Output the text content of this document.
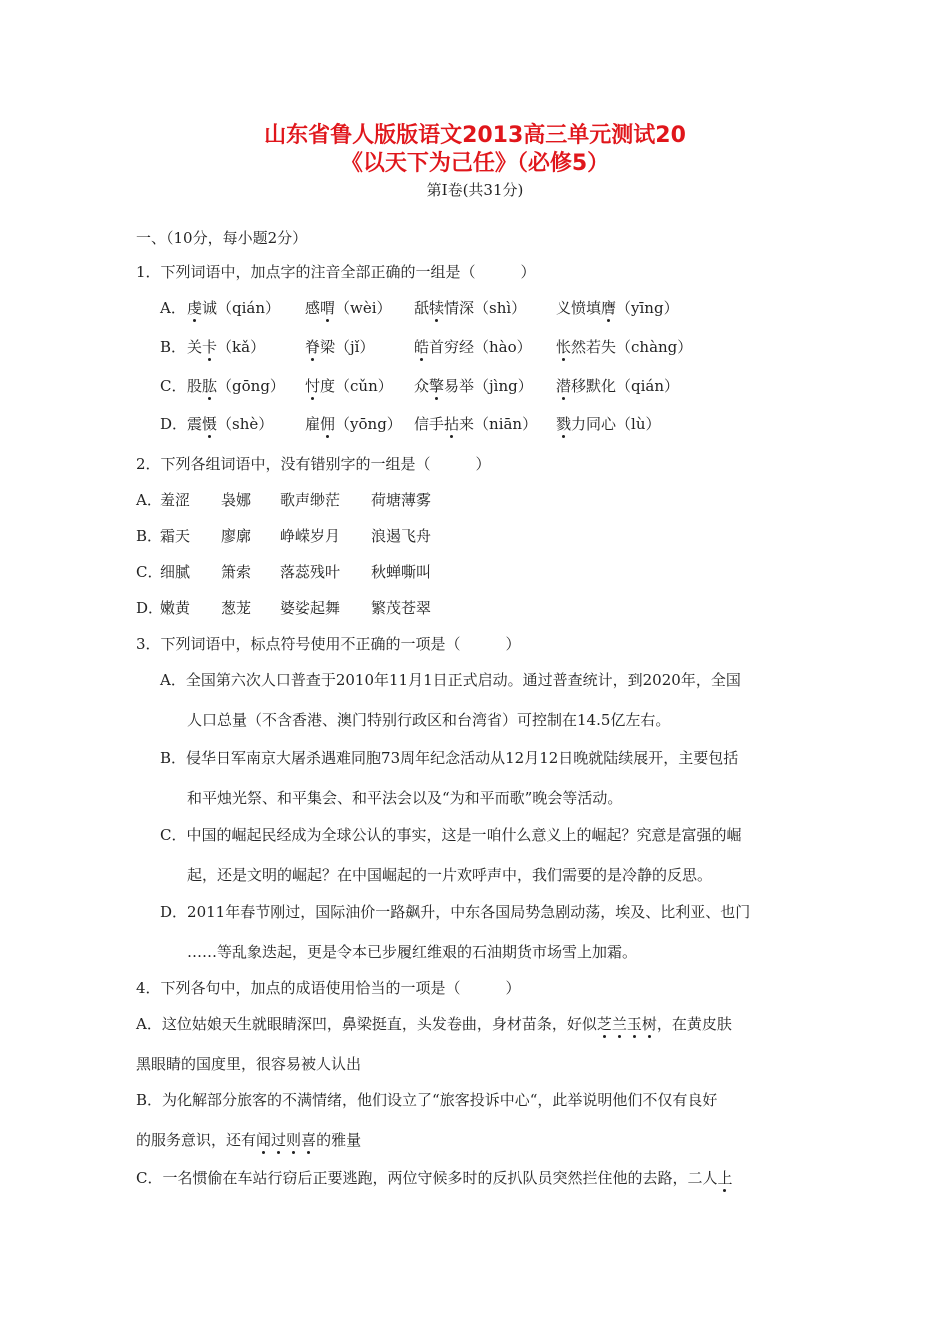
山东省鲁人版版语文2013高三单元测试20
《以天下为己任》（必修5）
第I卷(共31分)
一、（10分，每小题2分）
1．下列词语中，加点字的注音全部正确的一组是（　　　）
A． 虔诚（qián） 感喟（wèi） 舐犊情深（shì） 义愤填膺（yīng）
B． 关卡（kǎ）	脊梁（jǐ）	皓首穷经（hào） 怅然若失（chàng）
C． 股肱（gōng） 忖度（cǔn） 众擎易举（jìng） 潜移默化（qián）
D． 震慑（shè） 雇佣（yōng） 信手拈来（niān） 戮力同心（lù）
2．下列各组词语中，没有错别字的一组是（　　　）
A．
羞涩 袅娜 歌声缈茫 荷塘薄雾
B．
霜天 廖廓 峥嵘岁月 浪遏飞舟
C．
细腻 箫索 落蕊残叶 秋蝉嘶叫
D．
嫩黄 葱茏 婆娑起舞 繁茂苍翠
3．下列词语中，标点符号使用不正确的一项是（　　　）
A．全国第六次人口普查于2010年11月1日正式启动。通过普查统计，到2020年，全国
人口总量（不含香港、澳门特别行政区和台湾省）可控制在14.5亿左右。
B．侵华日军南京大屠杀遇难同胞73周年纪念活动从12月12日晚就陆续展开，主要包括
和平烛光祭、和平集会、和平法会以及“为和平而歌”晚会等活动。
C．中国的崛起民经成为全球公认的事实，这是一咱什么意义上的崛起？究意是富强的崛
起，还是文明的崛起？在中国崛起的一片欢呼声中，我们需要的是冷静的反思。
D．2011年春节刚过，国际油价一路飙升，中东各国局势急剧动荡，埃及、比利亚、也门
……等乱象迭起，更是令本已步履红维艰的石油期货市场雪上加霜。
4．下列各句中，加点的成语使用恰当的一项是（　　　）
A．这位姑娘天生就眼睛深凹，鼻梁挺直，头发卷曲，身材苗条，好似芝兰玉树，在黄皮肤
黑眼睛的国度里，很容易被人认出
B．为化解部分旅客的不满情绪，他们设立了“旅客投诉中心“，此举说明他们不仅有良好
的服务意识，还有闻过则喜的雅量
C．一名惯偷在车站行窃后正要逃跑，两位守候多时的反扒队员突然拦住他的去路，二人上
